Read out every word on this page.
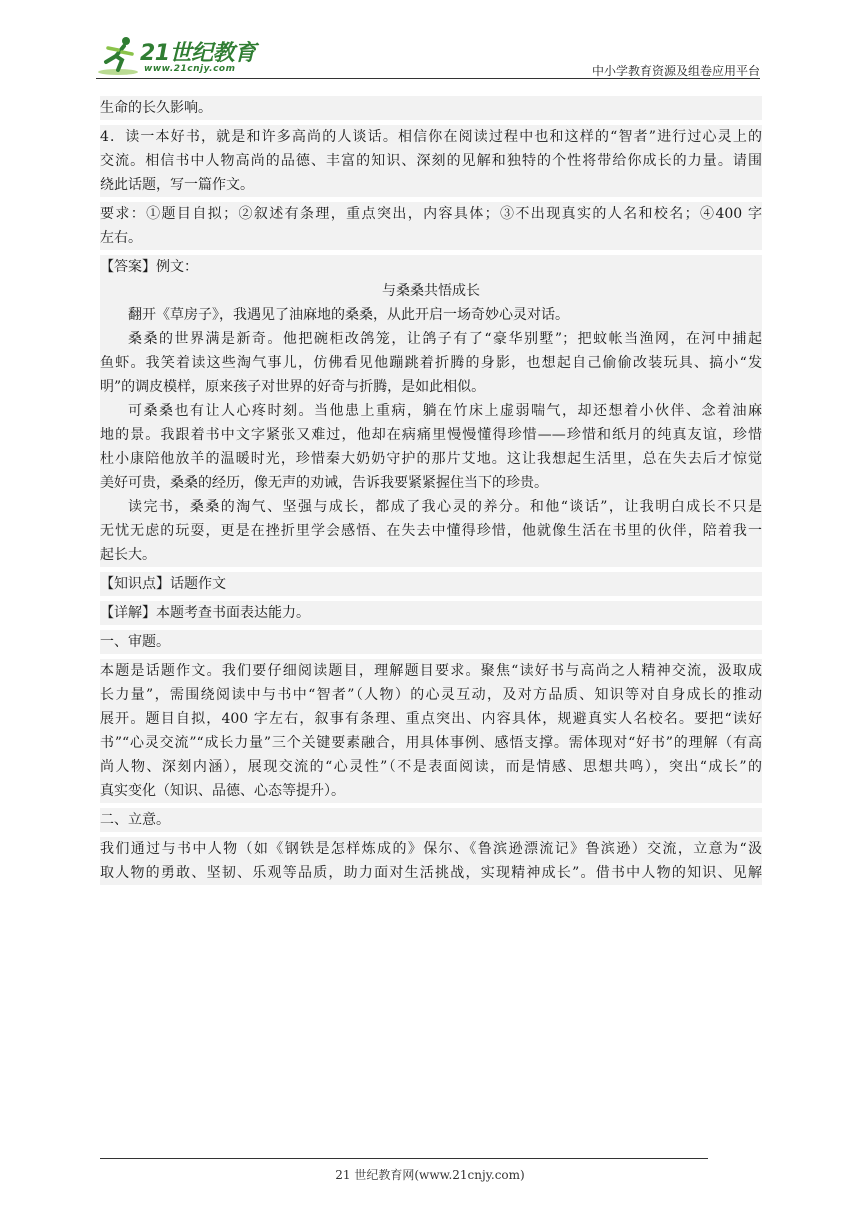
21世纪教育
www.21cnjy.com	中小学教育资源及组卷应用平台
生命的长久影响。
4．读一本好书，就是和许多高尚的人谈话。相信你在阅读过程中也和这样的“智者”进行过心灵上的
交流。相信书中人物高尚的品德、丰富的知识、深刻的见解和独特的个性将带给你成长的力量。请围
绕此话题，写一篇作文。
要求：①题目自拟；②叙述有条理，重点突出，内容具体；③不出现真实的人名和校名；④400 字
左右。
【答案】例文：
与桑桑共悟成长
翻开《草房子》，我遇见了油麻地的桑桑，从此开启一场奇妙心灵对话。
桑桑的世界满是新奇。他把碗柜改鸽笼，让鸽子有了“豪华别墅”；把蚊帐当渔网，在河中捕起
鱼虾。我笑着读这些淘气事儿，仿佛看见他蹦跳着折腾的身影，也想起自己偷偷改装玩具、搞小“发
明”的调皮模样，原来孩子对世界的好奇与折腾，是如此相似。
可桑桑也有让人心疼时刻。当他患上重病，躺在竹床上虚弱喘气，却还想着小伙伴、念着油麻
地的景。我跟着书中文字紧张又难过，他却在病痛里慢慢懂得珍惜——珍惜和纸月的纯真友谊，珍惜
杜小康陪他放羊的温暖时光，珍惜秦大奶奶守护的那片艾地。这让我想起生活里，总在失去后才惊觉
美好可贵，桑桑的经历，像无声的劝诫，告诉我要紧紧握住当下的珍贵。
读完书，桑桑的淘气、坚强与成长，都成了我心灵的养分。和他“谈话”，让我明白成长不只是
无忧无虑的玩耍，更是在挫折里学会感悟、在失去中懂得珍惜，他就像生活在书里的伙伴，陪着我一
起长大。
【知识点】话题作文
【详解】本题考查书面表达能力。
一、审题。
本题是话题作文。我们要仔细阅读题目，理解题目要求。聚焦“读好书与高尚之人精神交流，汲取成
长力量”，需围绕阅读中与书中“智者”（人物）的心灵互动，及对方品质、知识等对自身成长的推动
展开。题目自拟，400 字左右，叙事有条理、重点突出、内容具体，规避真实人名校名。要把“读好
书”“心灵交流”“成长力量”三个关键要素融合，用具体事例、感悟支撑。需体现对“好书”的理解（有高
尚人物、深刻内涵），展现交流的“心灵性”（不是表面阅读，而是情感、思想共鸣），突出“成长”的
真实变化（知识、品德、心态等提升）。
二、立意。
我们通过与书中人物（如《钢铁是怎样炼成的》保尔、《鲁滨逊漂流记》鲁滨逊）交流，立意为“汲
取人物的勇敢、坚韧、乐观等品质，助力面对生活挑战，实现精神成长”。借书中人物的知识、见解
21 世纪教育网(www.21cnjy.com)
